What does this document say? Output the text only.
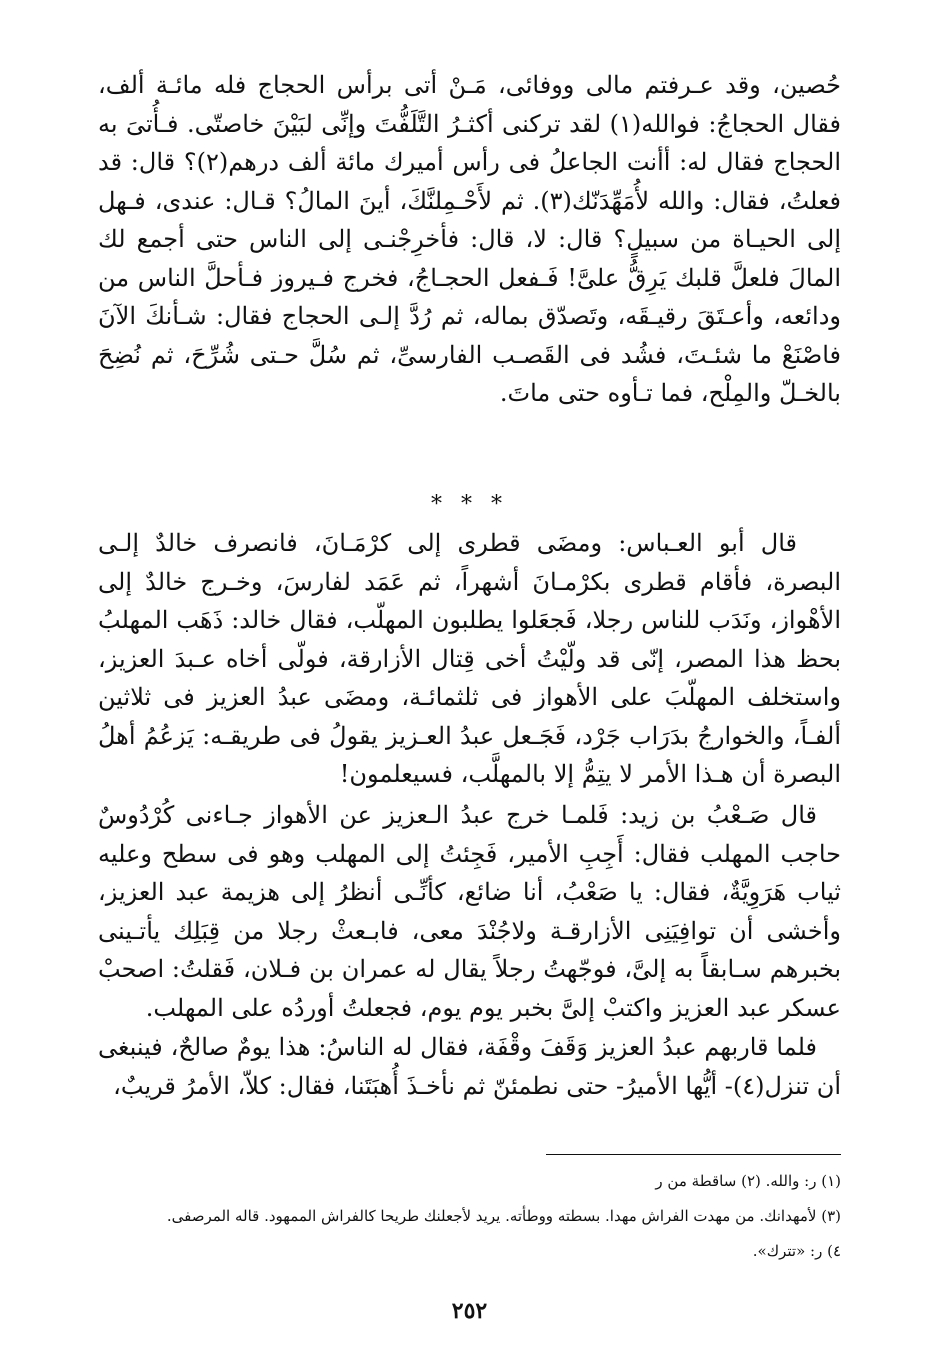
حُصين، وقد عـرفتم مالى ووفائى، مَـنْ أتى برأس الحجاج فله مائـة ألف، فقال الحجاجُ: فوالله(١) لقد تركنى أكثـرُ التَّلَفُّتَ وإنِّى لبَيْنَ خاصتّى. فـأُتىَ به الحجاج فقال له: أأنت الجاعلُ فى رأس أميرك مائة ألف درهم(٢)؟ قال: قد فعلتُ، فقال: والله لأُمَهِّدَنّك(٣). ثم لأَحْـمِلنَّكَ، أينَ المالُ؟ قـال: عندى، فـهل إلى الحيـاة من سبيلٍ؟ قال: لا، قال: فأخرِجْنـى إلى الناس حتى أجمع لك المالَ فلعلَّ قلبك يَرِقُّ علىَّ! فَـفعل الحجـاجُ، فخرج فـيروز فـأحلَّ الناس من ودائعه، وأعـتَقَ رقيـقَه، وتَصدّق بماله، ثم رُدَّ إلـى الحجاج فقال: شـأنكَ الآنَ فاصْنَعْ ما شئـتَ، فشُد فى القَصـب الفارسىِّ، ثم سُلَّ حـتى شُرِّحَ، ثم نُضِحَ بالخـلّ والمِلْح، فما تـأوه حتى ماتَ.

* * *

قال أبو العـباس: ومضَى قطرى إلى كرْمَـانَ، فانصرف خالدٌ إلـى البصرة، فأقام قطرى بكرْمـانَ أشهراً، ثم عَمَد لفارسَ، وخـرج خالدٌ إلى الأهْواز، ونَدَب للناس رجلا، فَجعَلوا يطلبون المهلّب، فقال خالد: ذَهَب المهلبُ بحظ هذا المصر، إنّى قد ولّيْتُ أخى قِتال الأزارقة، فولّى أخاه عـبدَ العزيز، واستخلف المهلّبَ على الأهواز فى ثلثمائـة، ومضَى عبدُ العزيز فى ثلاثين ألفـاً، والخوارجُ بدَرَاب جَرْد، فَجَـعل عبدُ العـزيز يقولُ فى طريقـه: يَزعُمُ أهلُ البصرة أن هـذا الأمر لا يتِمُّ إلا بالمهلَّب، فسيعلمون!

قال صَـعْبُ بن زيد: فَلمـا خرج عبدُ الـعزيز عن الأهواز جـاءنى كُرْدُوسٌ حاجب المهلب فقال: أَجِبِ الأمير، فَجِئتُ إلى المهلب وهو فى سطح وعليه ثياب هَرَوِيَّةٌ، فقال: يا صَعْبُ، أنا ضائع، كأنِّـى أنظرُ إلى هزيمة عبد العزيز، وأخشى أن توافِيَنِى الأزارقـة ولاجُنْدَ معى، فابـعثْ رجلا من قِبَلِك يأتـينى بخبرهم سـابقاً به إلىَّ، فوجّهتُ رجلاً يقال له عمران بن فـلان، فَقلتُ: اصحبْ عسكر عبد العزيز واكتبْ إلىَّ بخبر يوم يوم، فجعلتُ أوردُه على المهلب.

فلما قاربهم عبدُ العزيز وَقَفَ وقْفَة، فقال له الناسُ: هذا يومٌ صالحٌ، فينبغى أن تنزل(٤)- أيُّها الأميرُ- حتى نطمئنّ ثم نأخـذَ أُهبَتَنا، فقال: كلاّ، الأمرُ قريبٌ،

(١) ر: والله. (٢) ساقطة من ر

(٣) لأمهدانك. من مهدت الفراش مهدا. بسطته ووطأته. يريد لأجعلنك طريحا كالفراش الممهود. قاله المرصفى.

٤) ر: «تترك».

٢٥٢
